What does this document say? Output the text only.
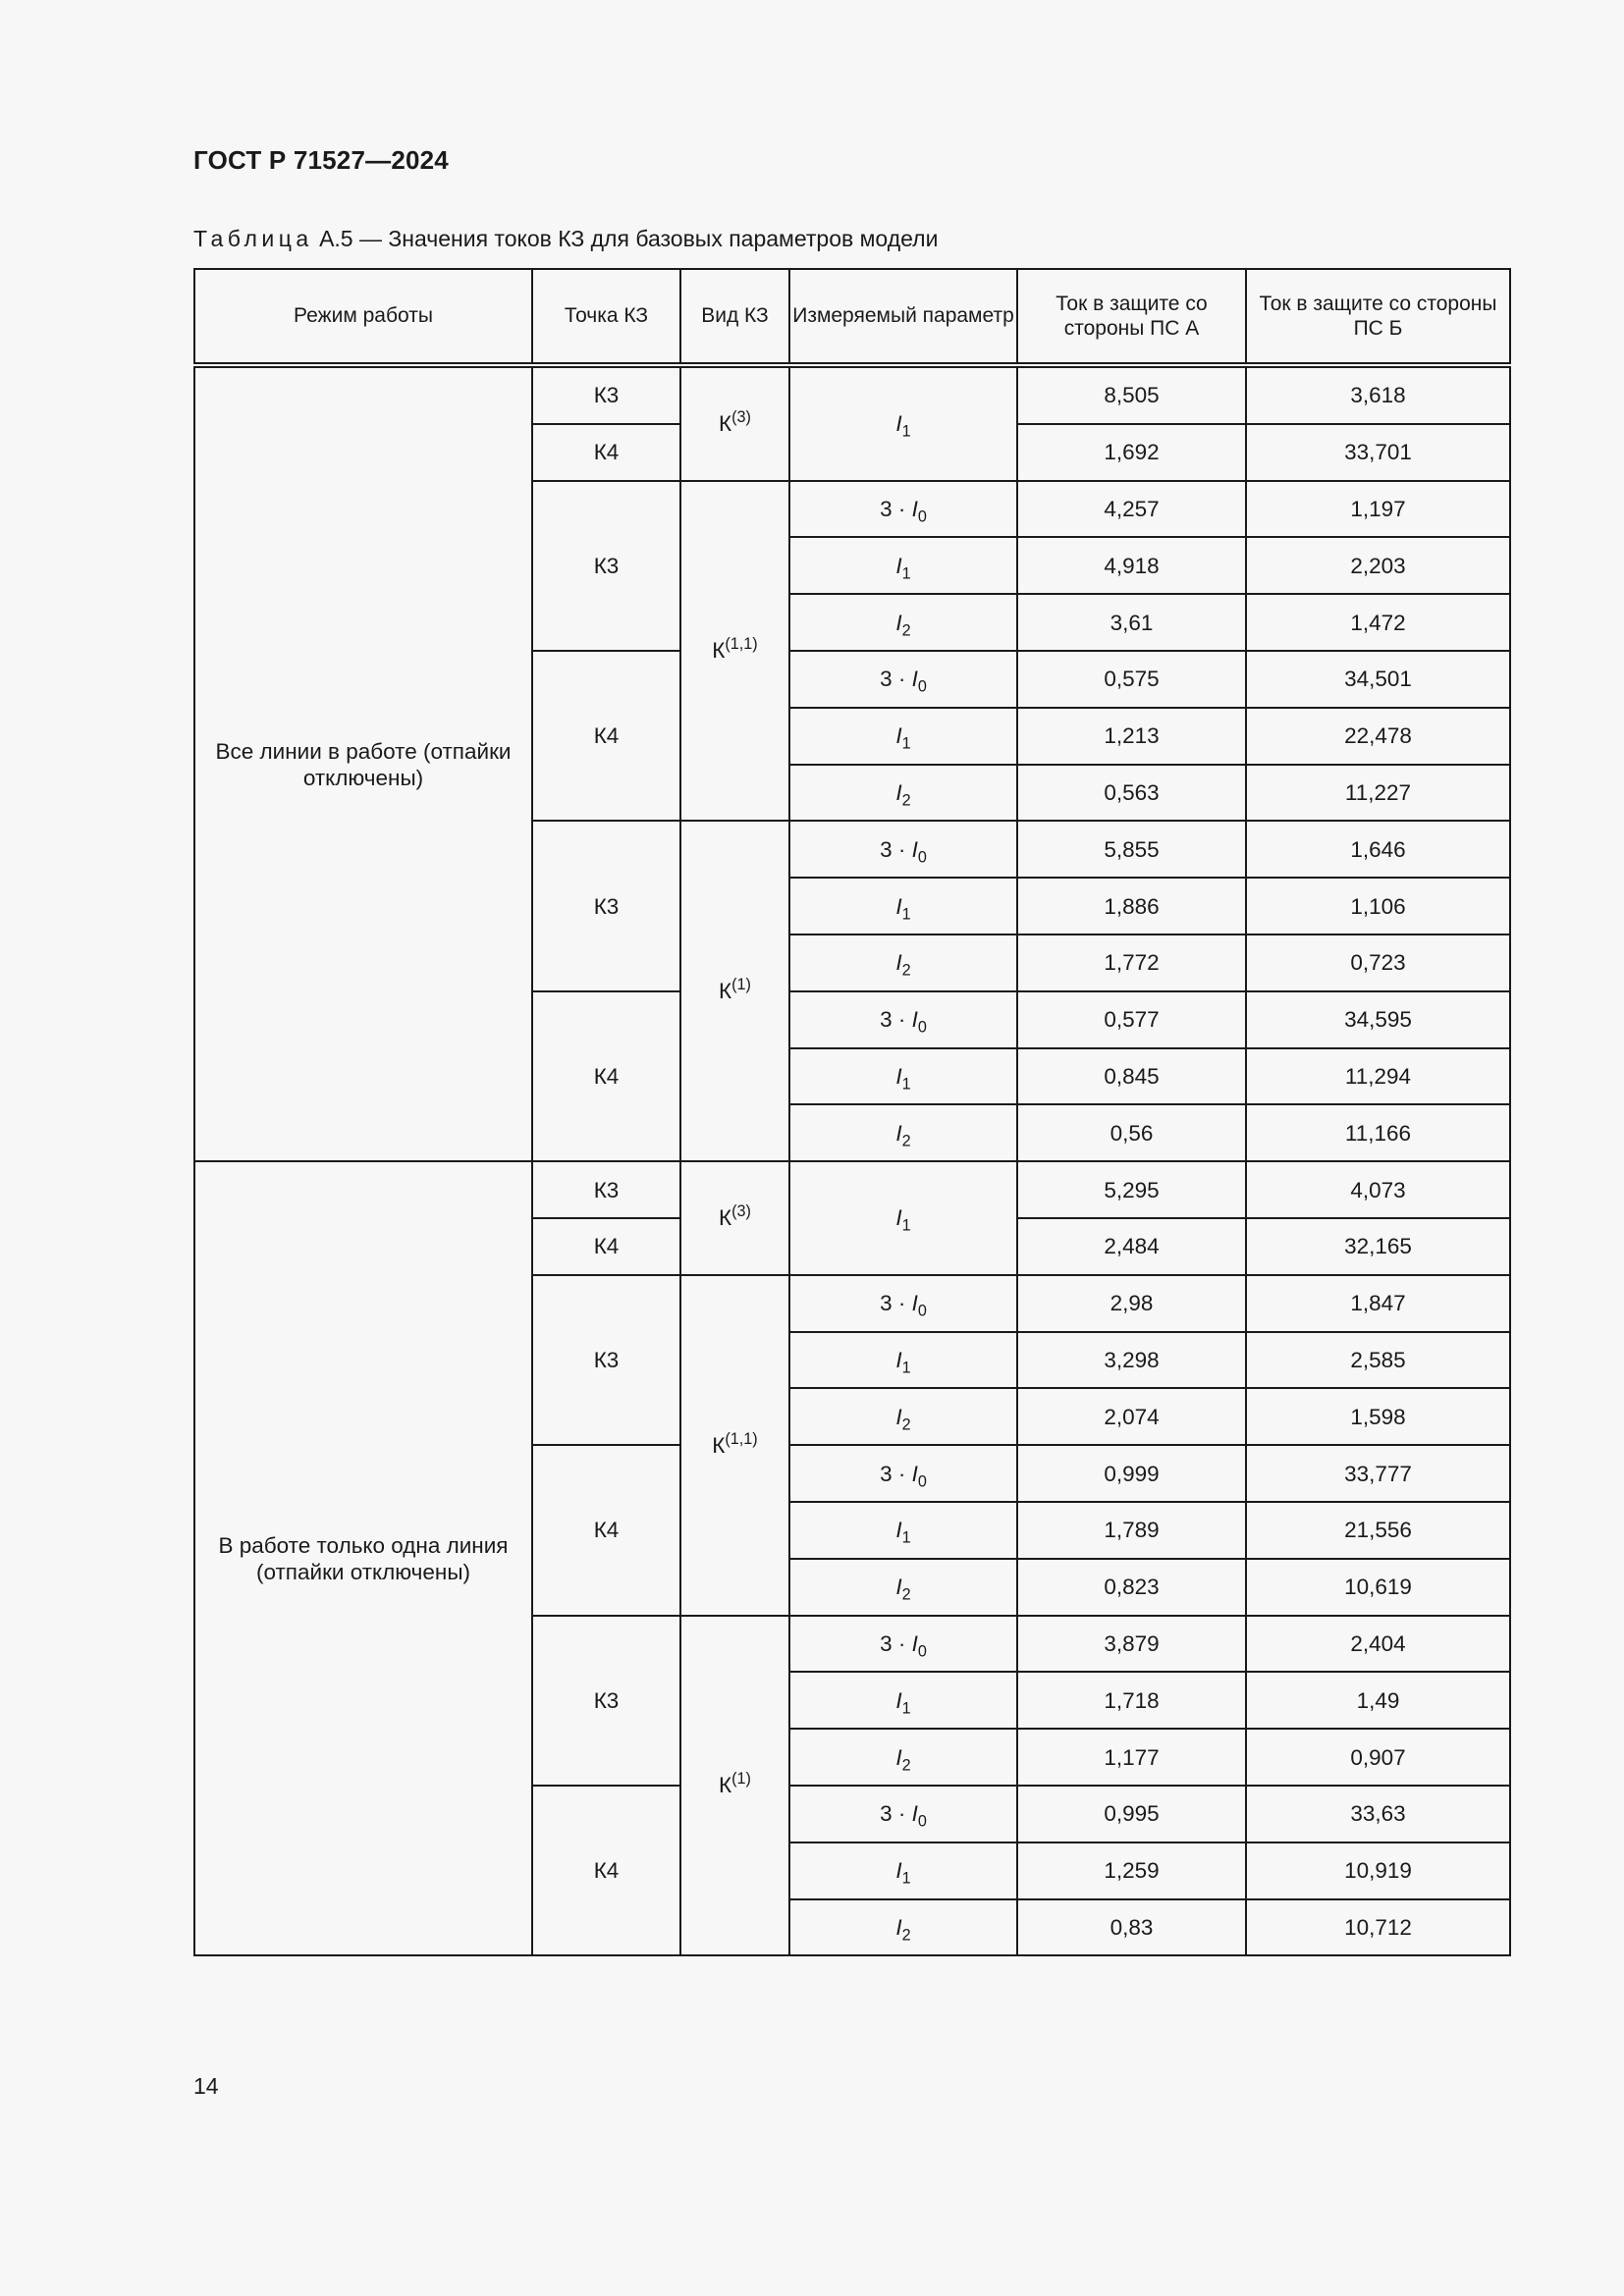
ГОСТ Р 71527—2024
Таблица А.5 — Значения токов КЗ для базовых параметров модели
Режим работы	Точка КЗ	Вид КЗ	Измеряемый параметр	Ток в защите со стороны ПС А	Ток в защите со стороны ПС Б
Все линии в работе (отпайки отключены)	К3	$К^{(3)}$	$I_1$	8,505	3,618
	К4			1,692	33,701
	К3	К$^{(1,1)}$	$3 \cdot I_0$	4,257	1,197
			$I_1$	4,918	2,203
			$I_2$	3,61	1,472
	К4		$3 \cdot I_0$	0,575	34,501
			$I_1$	1,213	22,478
			$I_2$	0,563	11,227
	К3	$К^{(1)}$	$3 \cdot I_0$	5,855	1,646
			$I_1$	1,886	1,106
			$I_2$	1,772	0,723
	К4		$3 \cdot I_0$	0,577	34,595
			$I_1$	0,845	11,294
			$I_2$	0,56	11,166
В работе только одна линия (отпайки отключены)	К3	$К^{(3)}$	$I_1$	5,295	4,073
	К4			2,484	32,165
	К3	К$^{(1,1)}$	$3 \cdot I_0$	2,98	1,847
			$I_1$	3,298	2,585
			$I_2$	2,074	1,598
	К4		$3 \cdot I_0$	0,999	33,777
			$I_1$	1,789	21,556
			$I_2$	0,823	10,619
	К3	$К^{(1)}$	$3 \cdot I_0$	3,879	2,404
			$I_1$	1,718	1,49
			$I_2$	1,177	0,907
	К4		$3 \cdot I_0$	0,995	33,63
			$I_1$	1,259	10,919
			$I_2$	0,83	10,712
14
